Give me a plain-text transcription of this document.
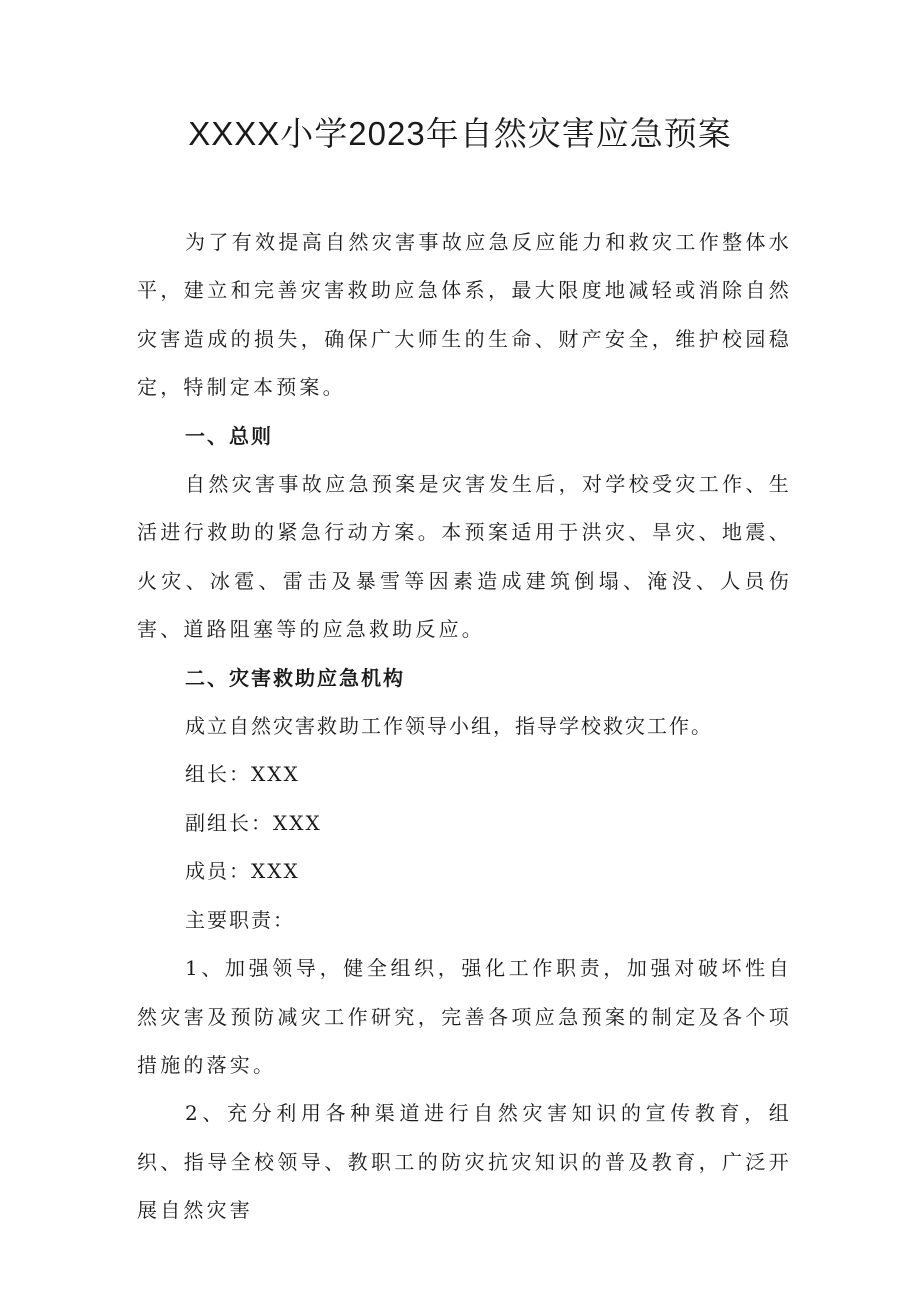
XXXX小学2023年自然灾害应急预案

为了有效提高自然灾害事故应急反应能力和救灾工作整体水平，建立和完善灾害救助应急体系，最大限度地减轻或消除自然灾害造成的损失，确保广大师生的生命、财产安全，维护校园稳定，特制定本预案。

一、总则

自然灾害事故应急预案是灾害发生后，对学校受灾工作、生活进行救助的紧急行动方案。本预案适用于洪灾、旱灾、地震、火灾、冰雹、雷击及暴雪等因素造成建筑倒塌、淹没、人员伤害、道路阻塞等的应急救助反应。

二、灾害救助应急机构

成立自然灾害救助工作领导小组，指导学校救灾工作。

组长：XXX

副组长：XXX

成员：XXX

主要职责：

1、加强领导，健全组织，强化工作职责，加强对破坏性自然灾害及预防减灾工作研究，完善各项应急预案的制定及各个项措施的落实。

2、充分利用各种渠道进行自然灾害知识的宣传教育，组织、指导全校领导、教职工的防灾抗灾知识的普及教育，广泛开展自然灾害
